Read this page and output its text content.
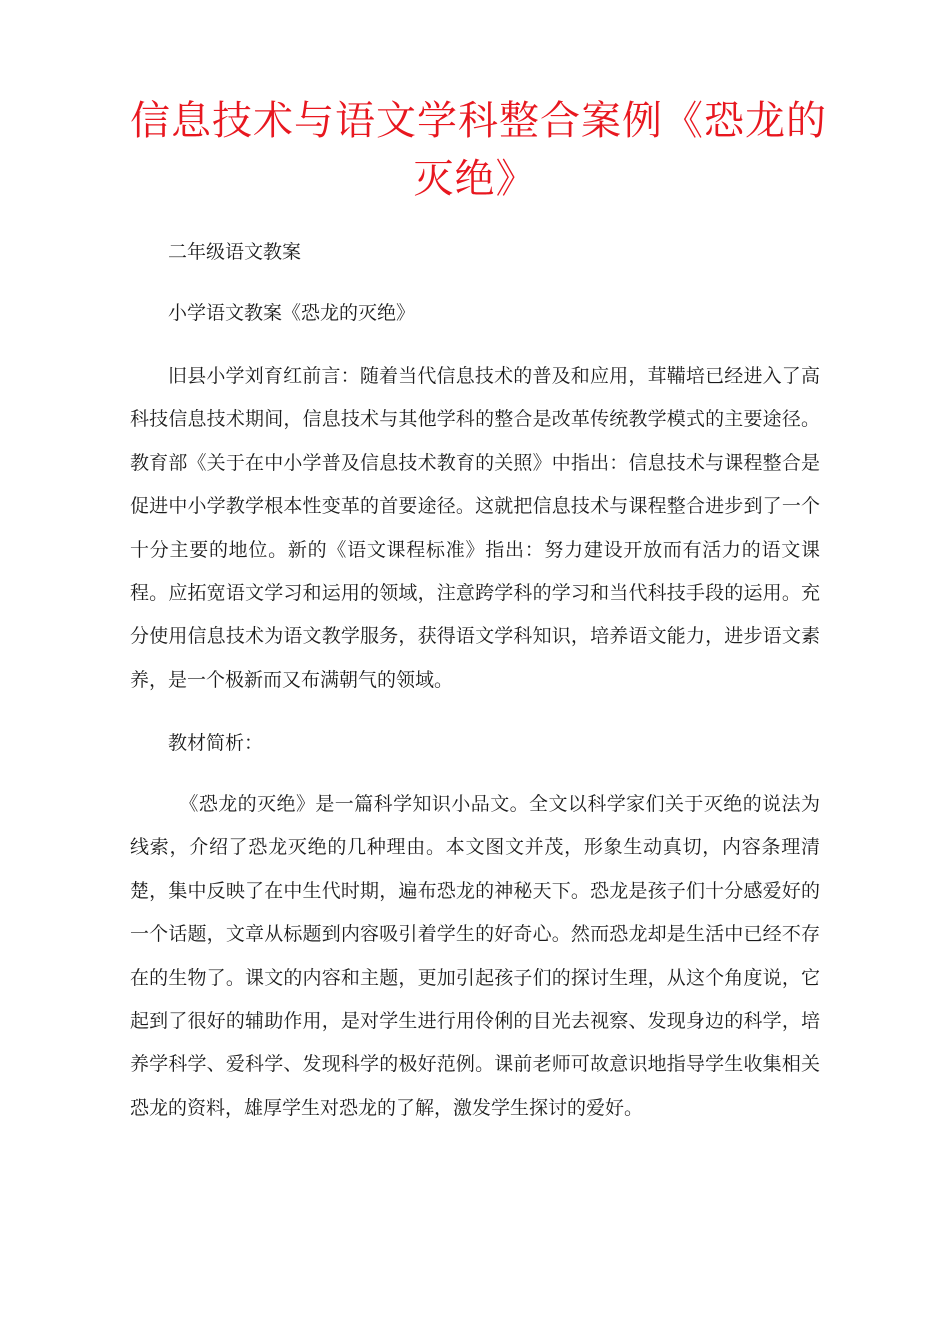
信息技术与语文学科整合案例《恐龙的
灭绝》

二年级语文教案

小学语文教案《恐龙的灭绝》

旧县小学刘育红前言：随着当代信息技术的普及和应用，茸鞴培已经进入了高科技信息技术期间，信息技术与其他学科的整合是改革传统教学模式的主要途径。教育部《关于在中小学普及信息技术教育的关照》中指出：信息技术与课程整合是促进中小学教学根本性变革的首要途径。这就把信息技术与课程整合进步到了一个十分主要的地位。新的《语文课程标准》指出：努力建设开放而有活力的语文课程。应拓宽语文学习和运用的领域，注意跨学科的学习和当代科技手段的运用。充分使用信息技术为语文教学服务，获得语文学科知识，培养语文能力，进步语文素养，是一个极新而又布满朝气的领域。

教材简析：

《恐龙的灭绝》是一篇科学知识小品文。全文以科学家们关于灭绝的说法为线索，介绍了恐龙灭绝的几种理由。本文图文并茂，形象生动真切，内容条理清楚，集中反映了在中生代时期，遍布恐龙的神秘天下。恐龙是孩子们十分感爱好的一个话题，文章从标题到内容吸引着学生的好奇心。然而恐龙却是生活中已经不存在的生物了。课文的内容和主题，更加引起孩子们的探讨生理，从这个角度说，它起到了很好的辅助作用，是对学生进行用伶俐的目光去视察、发现身边的科学，培养学科学、爱科学、发现科学的极好范例。课前老师可故意识地指导学生收集相关恐龙的资料，雄厚学生对恐龙的了解，激发学生探讨的爱好。
